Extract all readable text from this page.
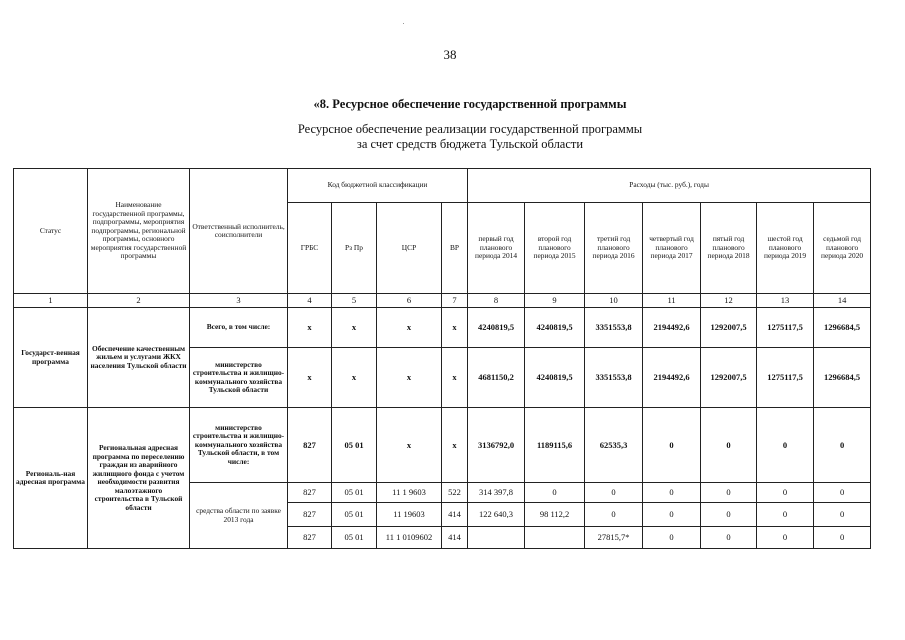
38
«8. Ресурсное обеспечение государственной программы
Ресурсное обеспечение реализации государственной программы
за счет средств бюджета Тульской области
Статус	Наименование государственной программы, подпрограммы, мероприятия подпрограммы, региональной программы, основного мероприятия государственной программы	Ответственный исполнитель, соисполнители	Код бюджетной классификации				Расходы (тыс. руб.), годы						
			ГРБС	Рз Пр	ЦСР	ВР	первый год планового периода 2014	второй год планового периода 2015	третий год планового периода 2016	четвертый год планового периода 2017	пятый год планового периода 2018	шестой год планового периода 2019	седьмой год планового периода 2020
1	2	3	4	5	6	7	8	9	10	11	12	13	14
Государст-венная программа	Обеспечение качественным жильем и услугами ЖКХ населения Тульской области	Всего, в том числе:	х	х	х	х	4240819,5	4240819,5	3351553,8	2194492,6	1292007,5	1275117,5	1296684,5
		министерство строительства и жилищно-коммунального хозяйства Тульской области	х	х	х	х	4681150,2	4240819,5	3351553,8	2194492,6	1292007,5	1275117,5	1296684,5
Региональ-ная адресная программа	Региональная адресная программа по переселению граждан из аварийного жилищного фонда с учетом необходимости развития малоэтажного строительства в Тульской области	министерство строительства и жилищно-коммунального хозяйства Тульской области, в том числе:	827	05 01	х	х	3136792,0	1189115,6	62535,3	0	0	0	0
		средства области по заявке 2013 года	827	05 01	11 1 9603	522	314 397,8	0	0	0	0	0	0
			827	05 01	11 19603	414	122 640,3	98 112,2	0	0	0	0	0
			827	05 01	11 1 0109602	414			27815,7*	0	0	0	0
